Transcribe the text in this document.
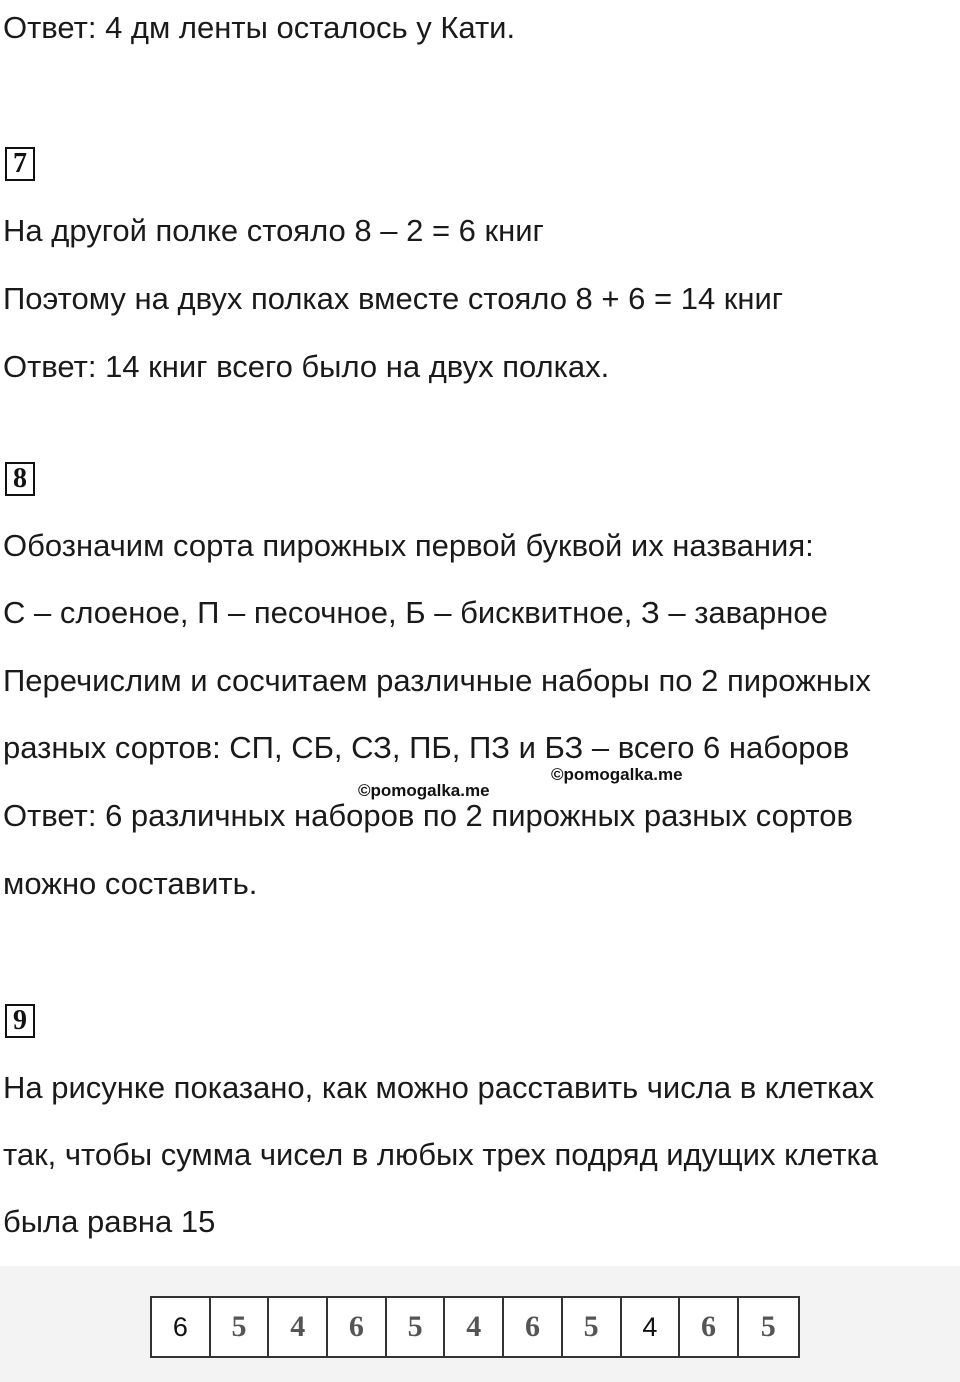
Ответ: 4 дм ленты осталось у Кати.
7
На другой полке стояло 8 – 2 = 6 книг
Поэтому на двух полках вместе стояло 8 + 6 = 14 книг
Ответ: 14 книг всего было на двух полках.
8
Обозначим сорта пирожных первой буквой их названия:
С – слоеное, П – песочное, Б – бисквитное, З – заварное
Перечислим и сосчитаем различные наборы по 2 пирожных
разных сортов: СП, СБ, СЗ, ПБ, ПЗ и БЗ – всего 6 наборов
Ответ: 6 различных наборов по 2 пирожных разных сортов
можно составить.
©pomogalka.me
©pomogalka.me
9
На рисунке показано, как можно расставить числа в клетках
так, чтобы сумма чисел в любых трех подряд идущих клетка
была равна 15
6	5	4	6	5	4	6	5	4	6	5
